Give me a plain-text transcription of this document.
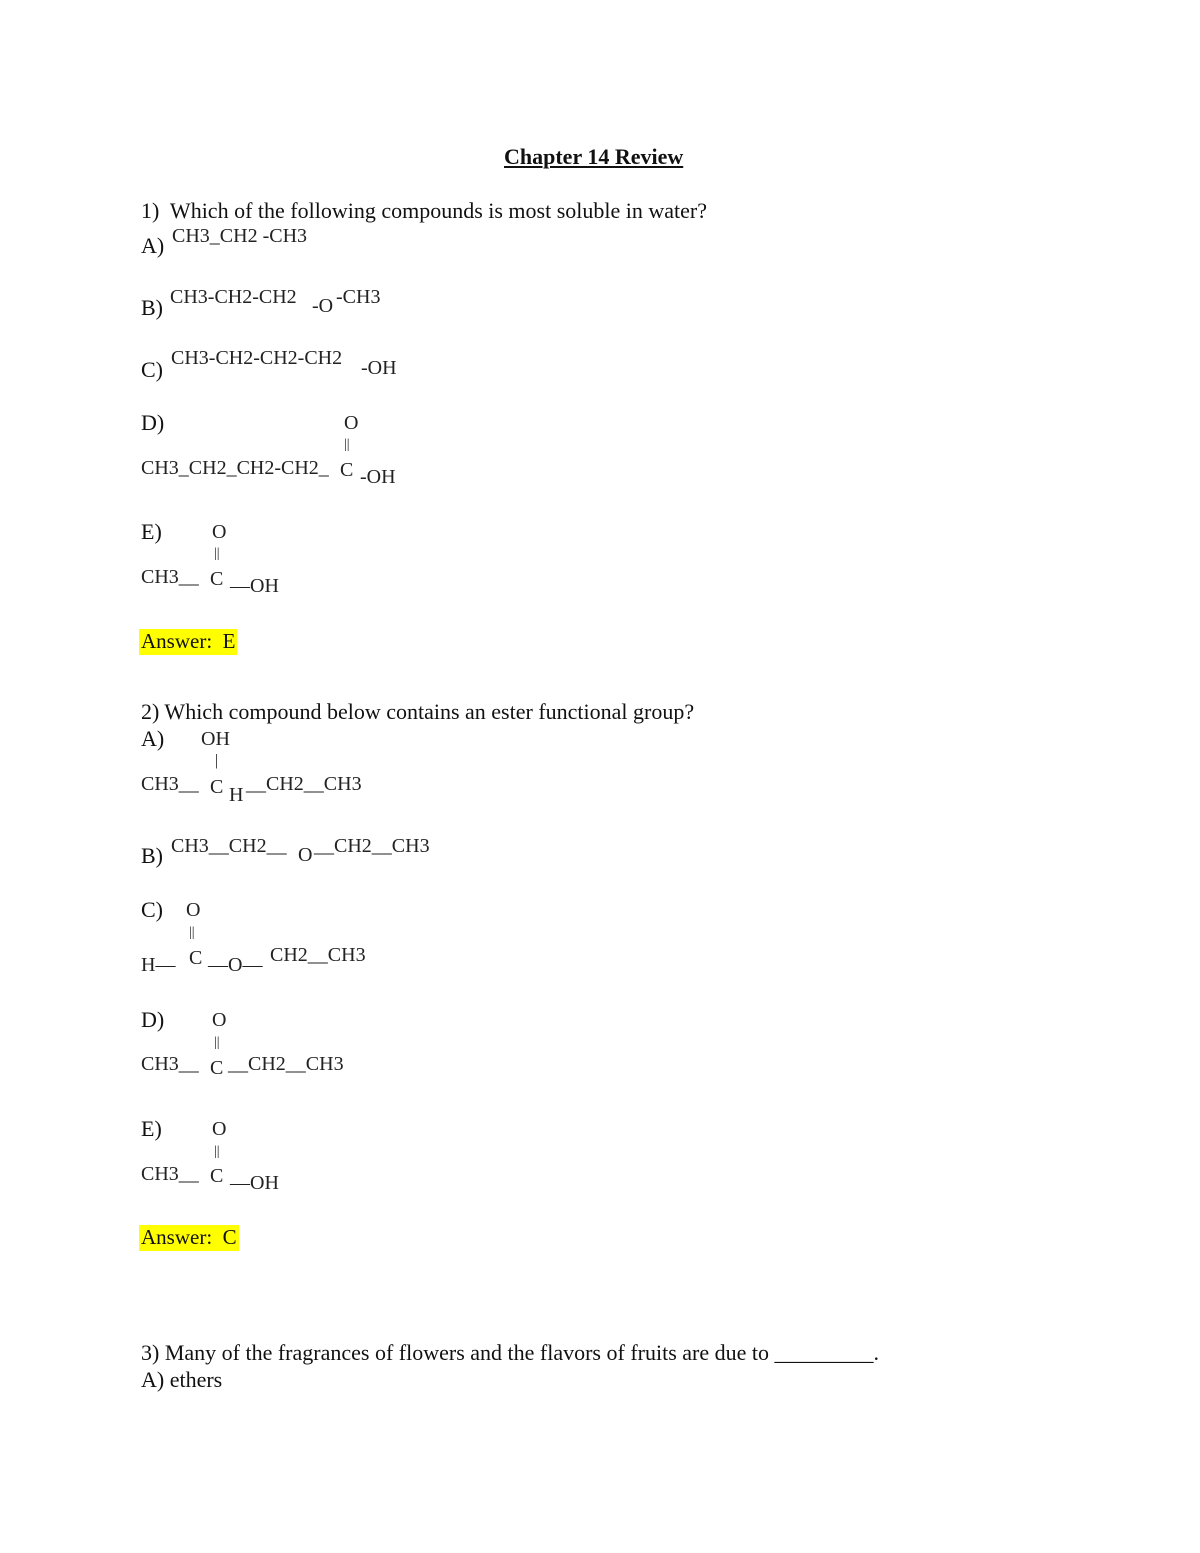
Chapter 14 Review
1)  Which of the following compounds is most soluble in water?
A) CH3_CH2 -CH3
B) CH3-CH2-CH2 -O -CH3
C) CH3-CH2-CH2-CH2 -OH
D)	O
||
CH3_CH2_CH2-CH2_ C -OH
E)	O
||
CH3__ C —OH
Answer:  E
2) Which compound below contains an ester functional group?
A) OH
|
CH3__ C H __CH2__CH3
B) CH3__CH2__ O __CH2__CH3
C) O
||
H— C —O— CH2__CH3
D) O
||
CH3__ C __CH2__CH3
E)	O
||
CH3__ C —OH
Answer:  C
3) Many of the fragrances of flowers and the flavors of fruits are due to _________.
A) ethers
